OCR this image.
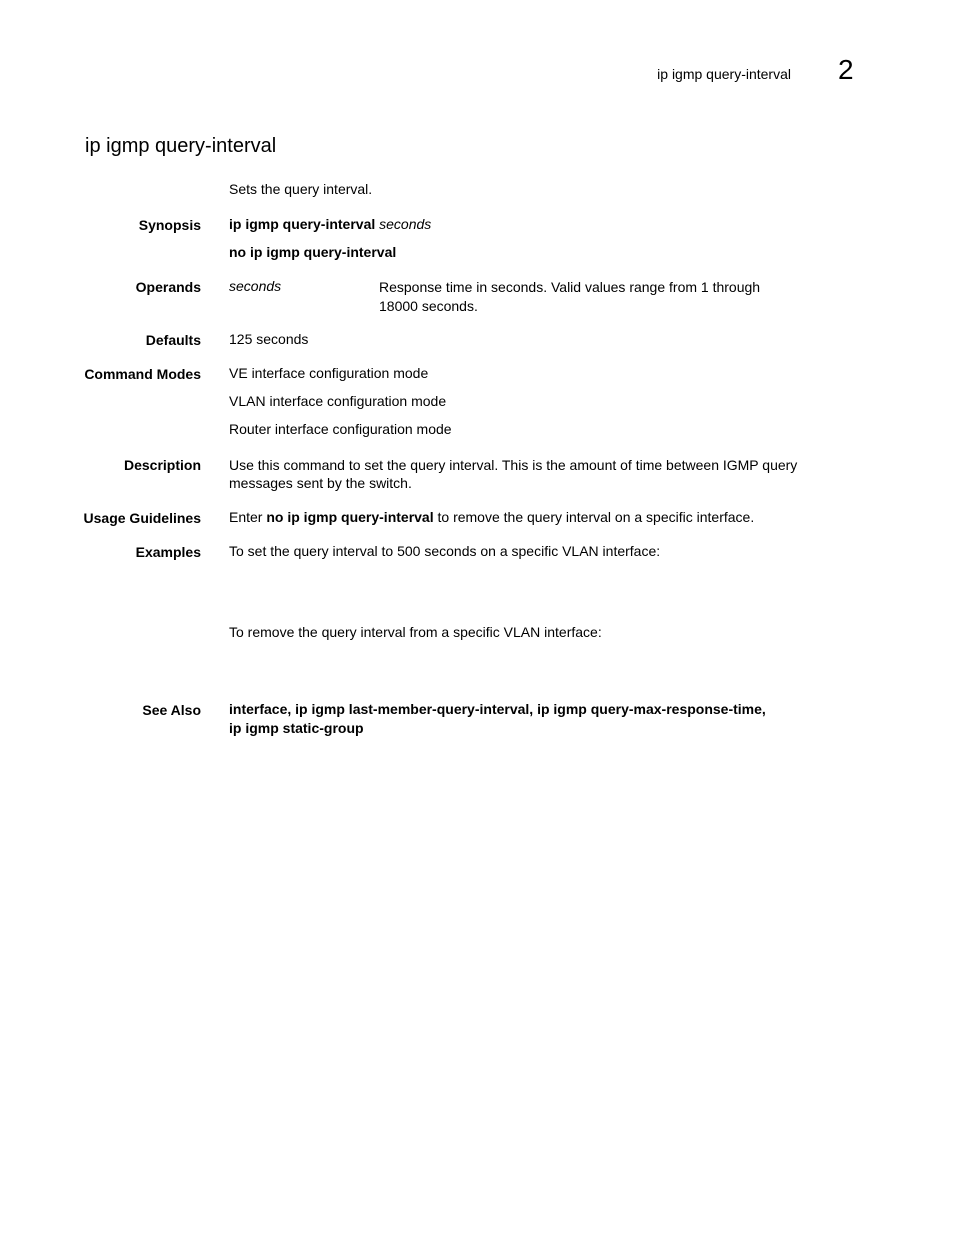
ip igmp query-interval 2
ip igmp query-interval
Sets the query interval.
Synopsis ip igmp query-interval seconds
no ip igmp query-interval
Operands seconds	Response time in seconds. Valid values range from 1 through 18000 seconds.
Defaults 125 seconds
Command Modes VE interface configuration mode
VLAN interface configuration mode
Router interface configuration mode
Description Use this command to set the query interval. This is the amount of time between IGMP query messages sent by the switch.
Usage Guidelines Enter no ip igmp query-interval to remove the query interval on a specific interface.
Examples To set the query interval to 500 seconds on a specific VLAN interface:
To remove the query interval from a specific VLAN interface:
See Also interface, ip igmp last-member-query-interval, ip igmp query-max-response-time,
ip igmp static-group
